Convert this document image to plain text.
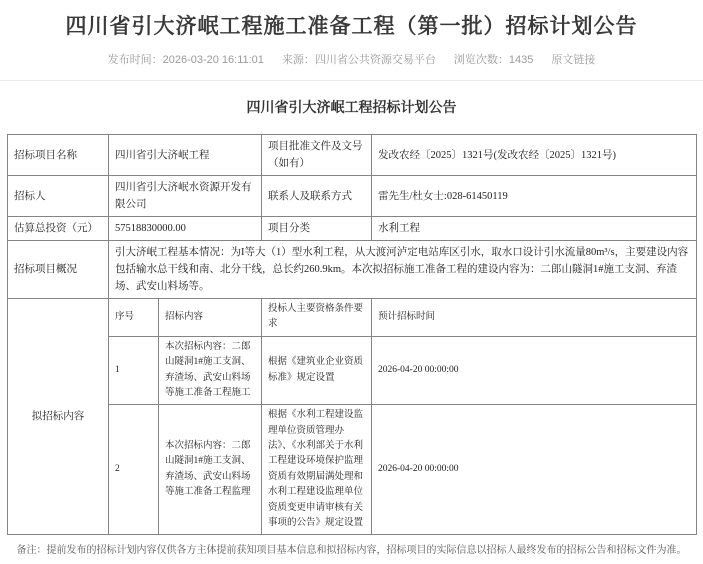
四川省引大济岷工程施工准备工程（第一批）招标计划公告
发布时间：2026-03-20 16:11:01 来源：四川省公共资源交易平台 浏览次数：1435 原文链接
四川省引大济岷工程招标计划公告
招标项目名称	四川省引大济岷工程		项目批准文件及文号（如有）	发改农经〔2025〕1321号(发改农经〔2025〕1321号)
招标人	四川省引大济岷水资源开发有限公司		联系人及联系方式	雷先生/杜女士:028-61450119
估算总投资（元）	57518830000.00		项目分类	水利工程
招标项目概况	引大济岷工程基本情况：为I等大（1）型水利工程，从大渡河泸定电站库区引水，取水口设计引水流量80m³/s，主要建设内容包括输水总干线和南、北分干线，总长约260.9km。本次拟招标施工准备工程的建设内容为：二郎山隧洞1#施工支洞、弃渣场、武安山料场等。			
拟招标内容	序号	招标内容	投标人主要资格条件要求	预计招标时间
	1	本次招标内容：二郎山隧洞1#施工支洞、弃渣场、武安山料场等施工准备工程施工	根据《建筑业企业资质标准》规定设置	2026-04-20 00:00:00
	2	本次招标内容：二郎山隧洞1#施工支洞、弃渣场、武安山料场等施工准备工程监理	根据《水利工程建设监理单位资质管理办法》、《水利部关于水利工程建设环境保护监理资质有效期届满处理和水利工程建设监理单位资质变更申请审核有关事项的公告》规定设置	2026-04-20 00:00:00

备注：提前发布的招标计划内容仅供各方主体提前获知项目基本信息和拟招标内容，招标项目的实际信息以招标人最终发布的招标公告和招标文件为准。
